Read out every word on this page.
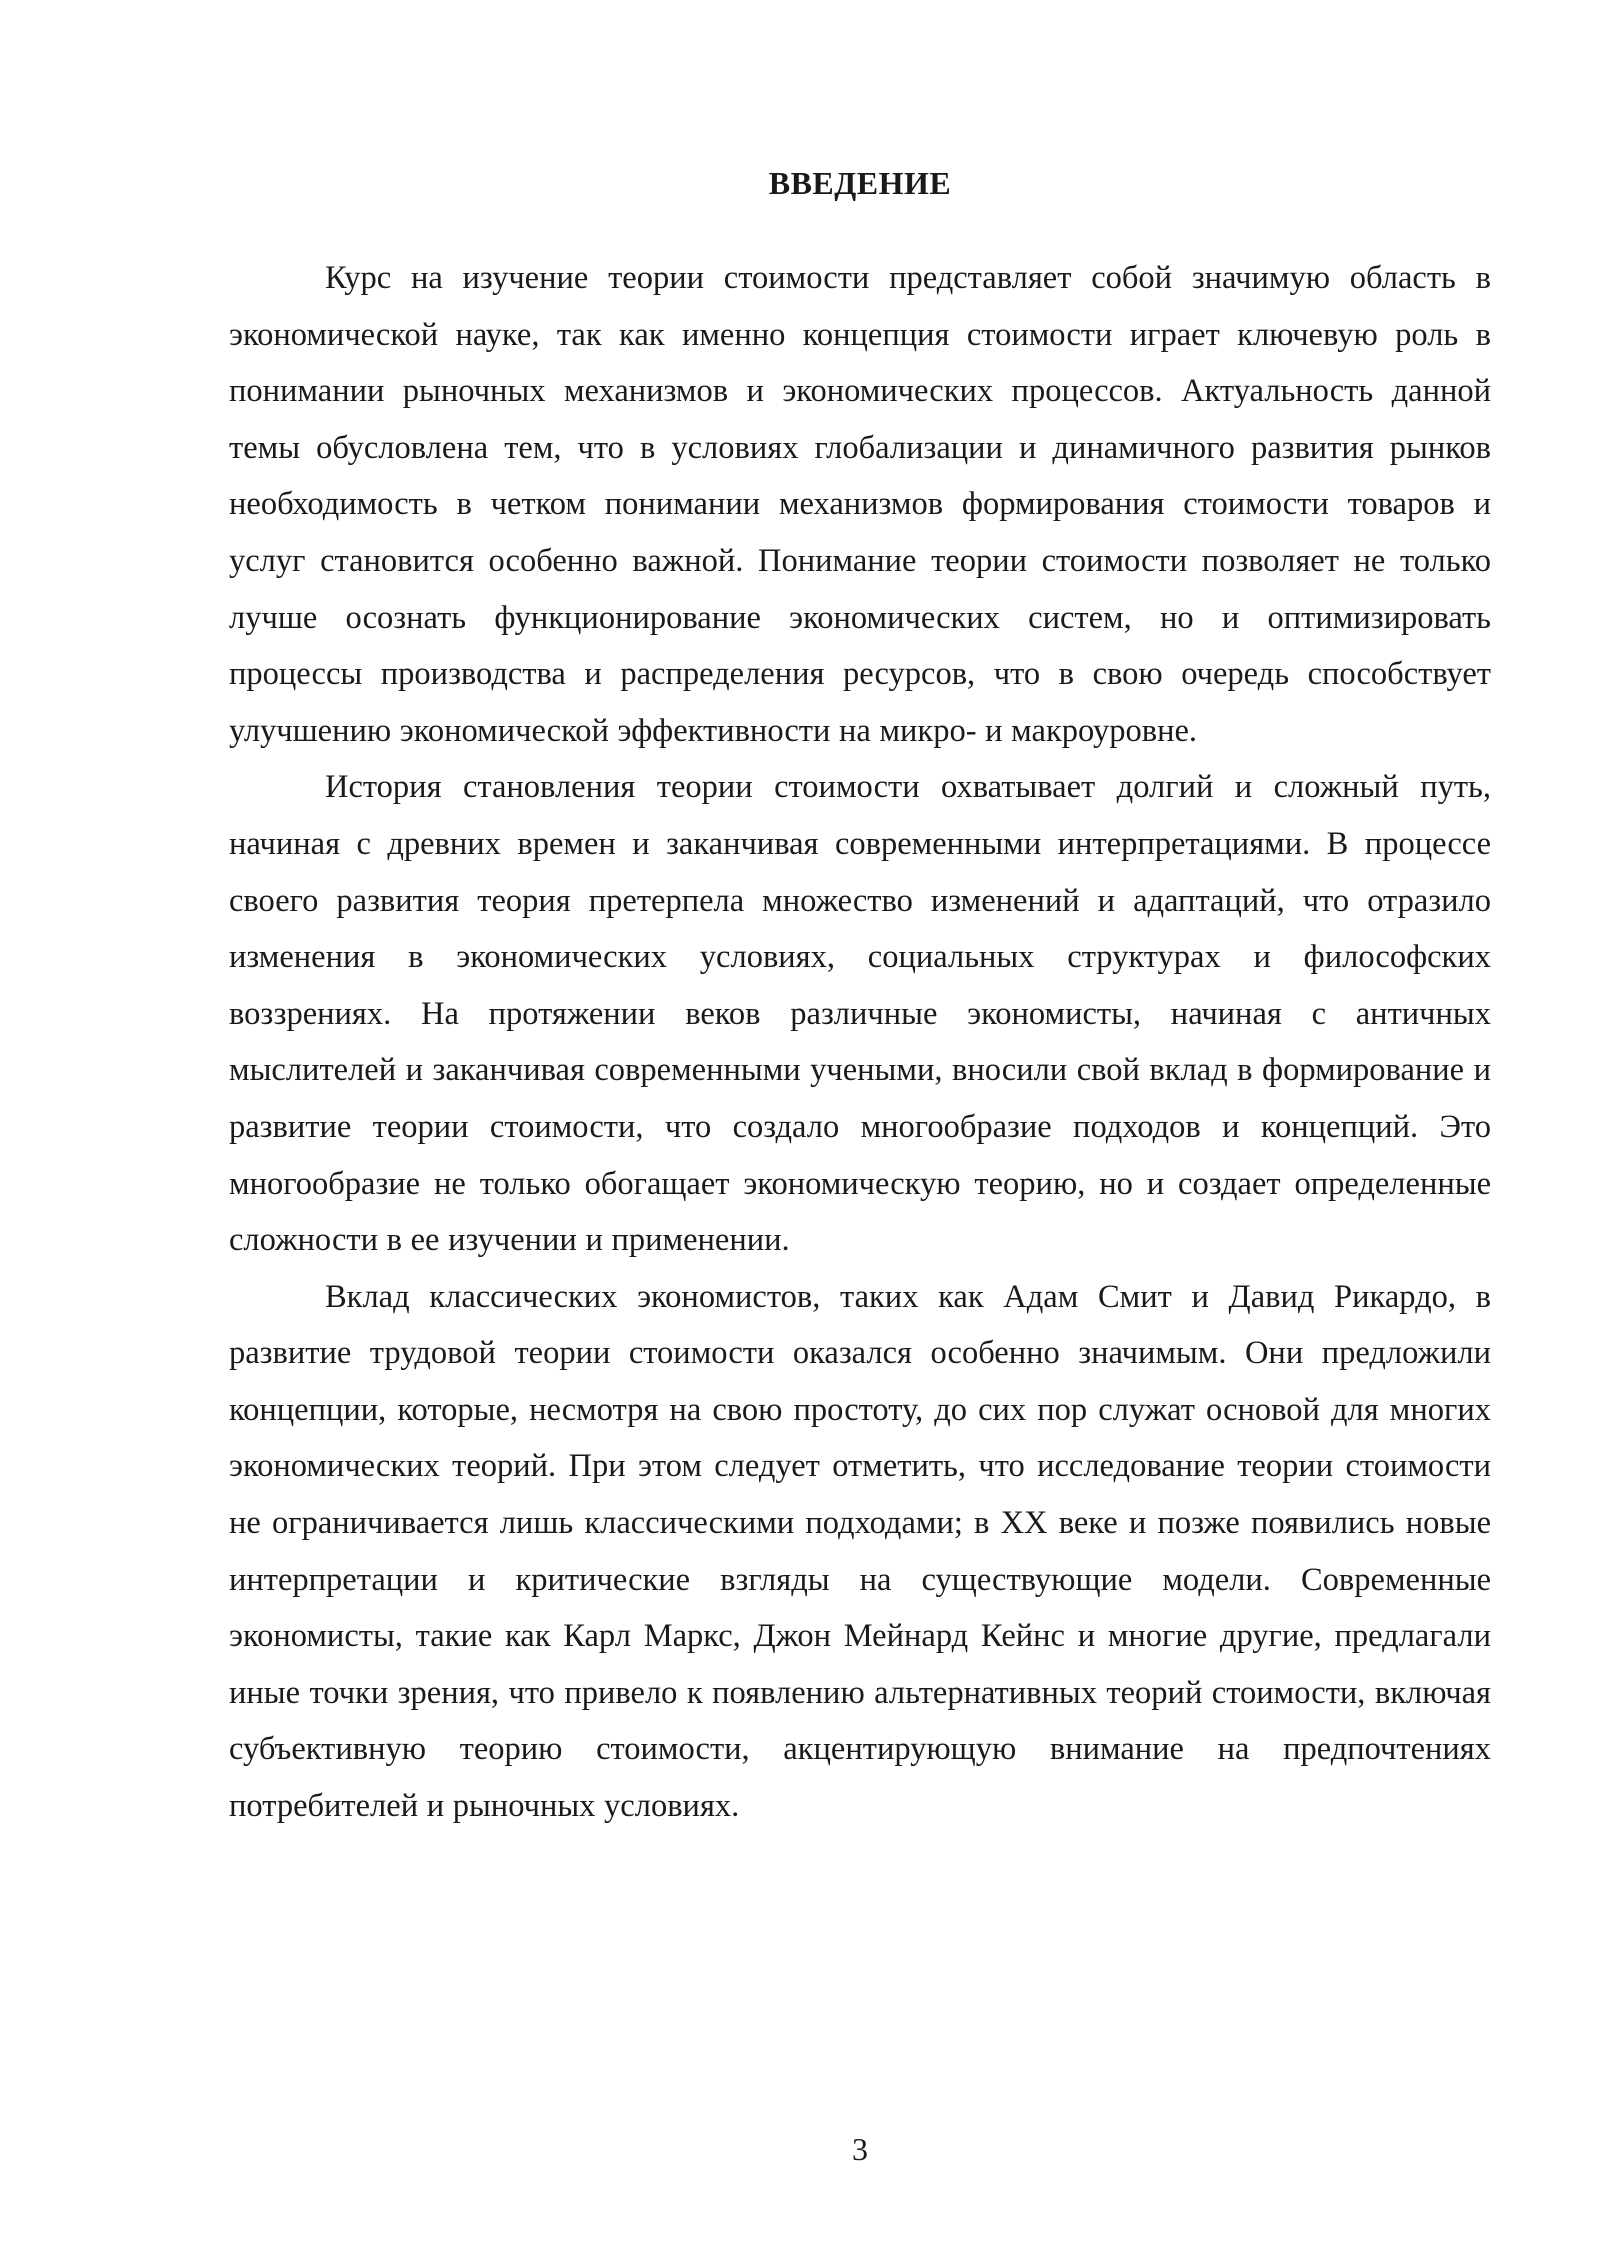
ВВЕДЕНИЕ

Курс на изучение теории стоимости представляет собой значимую область в экономической науке, так как именно концепция стоимости играет ключевую роль в понимании рыночных механизмов и экономических процессов. Актуальность данной темы обусловлена тем, что в условиях глобализации и динамичного развития рынков необходимость в четком понимании механизмов формирования стоимости товаров и услуг становится особенно важной. Понимание теории стоимости позволяет не только лучше осознать функционирование экономических систем, но и оптимизировать процессы производства и распределения ресурсов, что в свою очередь способствует улучшению экономической эффективности на микро- и макроуровне.

История становления теории стоимости охватывает долгий и сложный путь, начиная с древних времен и заканчивая современными интерпретациями. В процессе своего развития теория претерпела множество изменений и адаптаций, что отразило изменения в экономических условиях, социальных структурах и философских воззрениях. На протяжении веков различные экономисты, начиная с античных мыслителей и заканчивая современными учеными, вносили свой вклад в формирование и развитие теории стоимости, что создало многообразие подходов и концепций. Это многообразие не только обогащает экономическую теорию, но и создает определенные сложности в ее изучении и применении.

Вклад классических экономистов, таких как Адам Смит и Давид Рикардо, в развитие трудовой теории стоимости оказался особенно значимым. Они предложили концепции, которые, несмотря на свою простоту, до сих пор служат основой для многих экономических теорий. При этом следует отметить, что исследование теории стоимости не ограничивается лишь классическими подходами; в XX веке и позже появились новые интерпретации и критические взгляды на существующие модели. Современные экономисты, такие как Карл Маркс, Джон Мейнард Кейнс и многие другие, предлагали иные точки зрения, что привело к появлению альтернативных теорий стоимости, включая субъективную теорию стоимости, акцентирующую внимание на предпочтениях потребителей и рыночных условиях.

3
